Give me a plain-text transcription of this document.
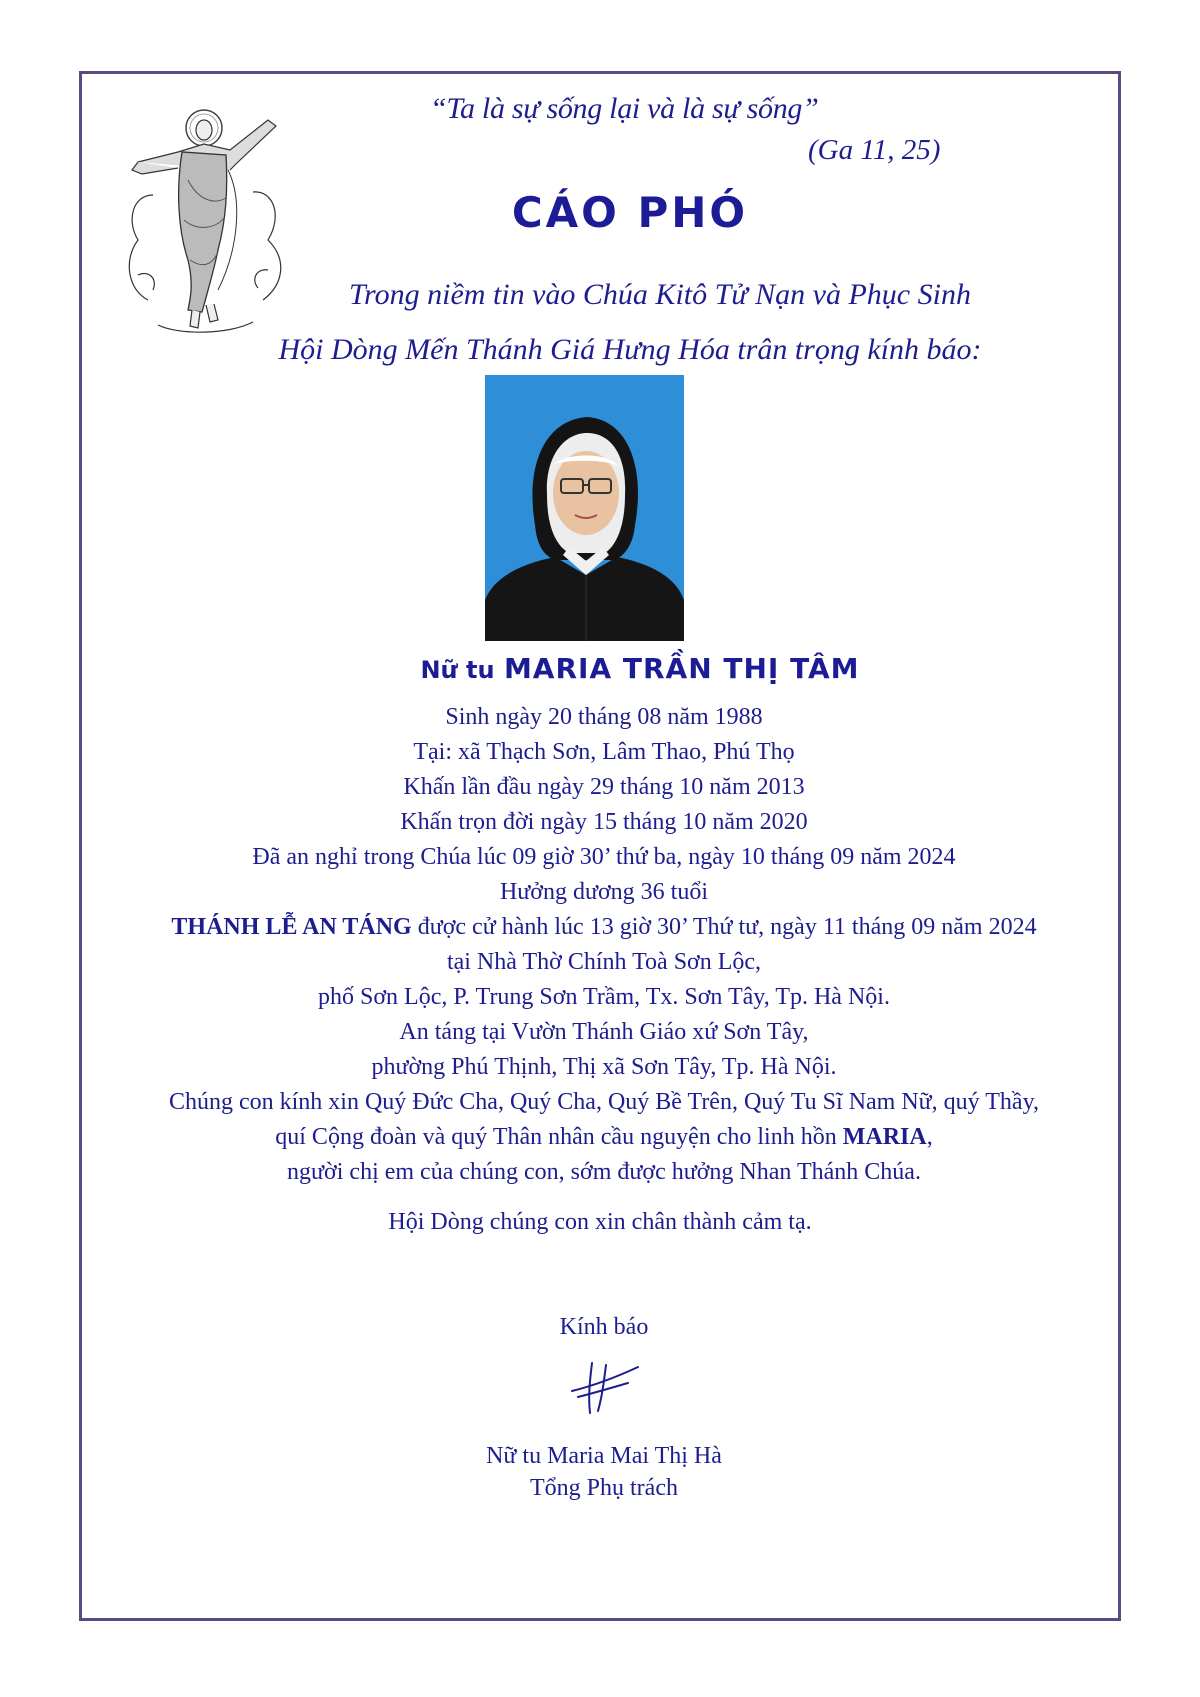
“Ta là sự sống lại và là sự sống”
(Ga 11, 25)
CÁO PHÓ
Trong niềm tin vào Chúa Kitô Tử Nạn và Phục Sinh
Hội Dòng Mến Thánh Giá Hưng Hóa trân trọng kính báo:
Nữ tu MARIA TRẦN THỊ TÂM
Sinh ngày 20 tháng 08 năm 1988
Tại: xã Thạch Sơn, Lâm Thao, Phú Thọ
Khấn lần đầu ngày 29 tháng 10 năm 2013
Khấn trọn đời ngày 15 tháng 10 năm 2020
Đã an nghỉ trong Chúa lúc 09 giờ 30’ thứ ba, ngày 10 tháng 09 năm 2024
Hưởng dương 36 tuổi
THÁNH LỄ AN TÁNG được cử hành lúc 13 giờ 30’ Thứ tư, ngày 11 tháng 09 năm 2024
tại Nhà Thờ Chính Toà Sơn Lộc,
phố Sơn Lộc, P. Trung Sơn Trầm, Tx. Sơn Tây, Tp. Hà Nội.
An táng tại Vườn Thánh Giáo xứ Sơn Tây,
phường Phú Thịnh, Thị xã Sơn Tây, Tp. Hà Nội.
Chúng con kính xin Quý Đức Cha, Quý Cha, Quý Bề Trên, Quý Tu Sĩ Nam Nữ, quý Thầy,
quí Cộng đoàn và quý Thân nhân cầu nguyện cho linh hồn MARIA,
người chị em của chúng con, sớm được hưởng Nhan Thánh Chúa.
Hội Dòng chúng con xin chân thành cảm tạ.
Kính báo
Nữ tu Maria Mai Thị Hà
Tổng Phụ trách
